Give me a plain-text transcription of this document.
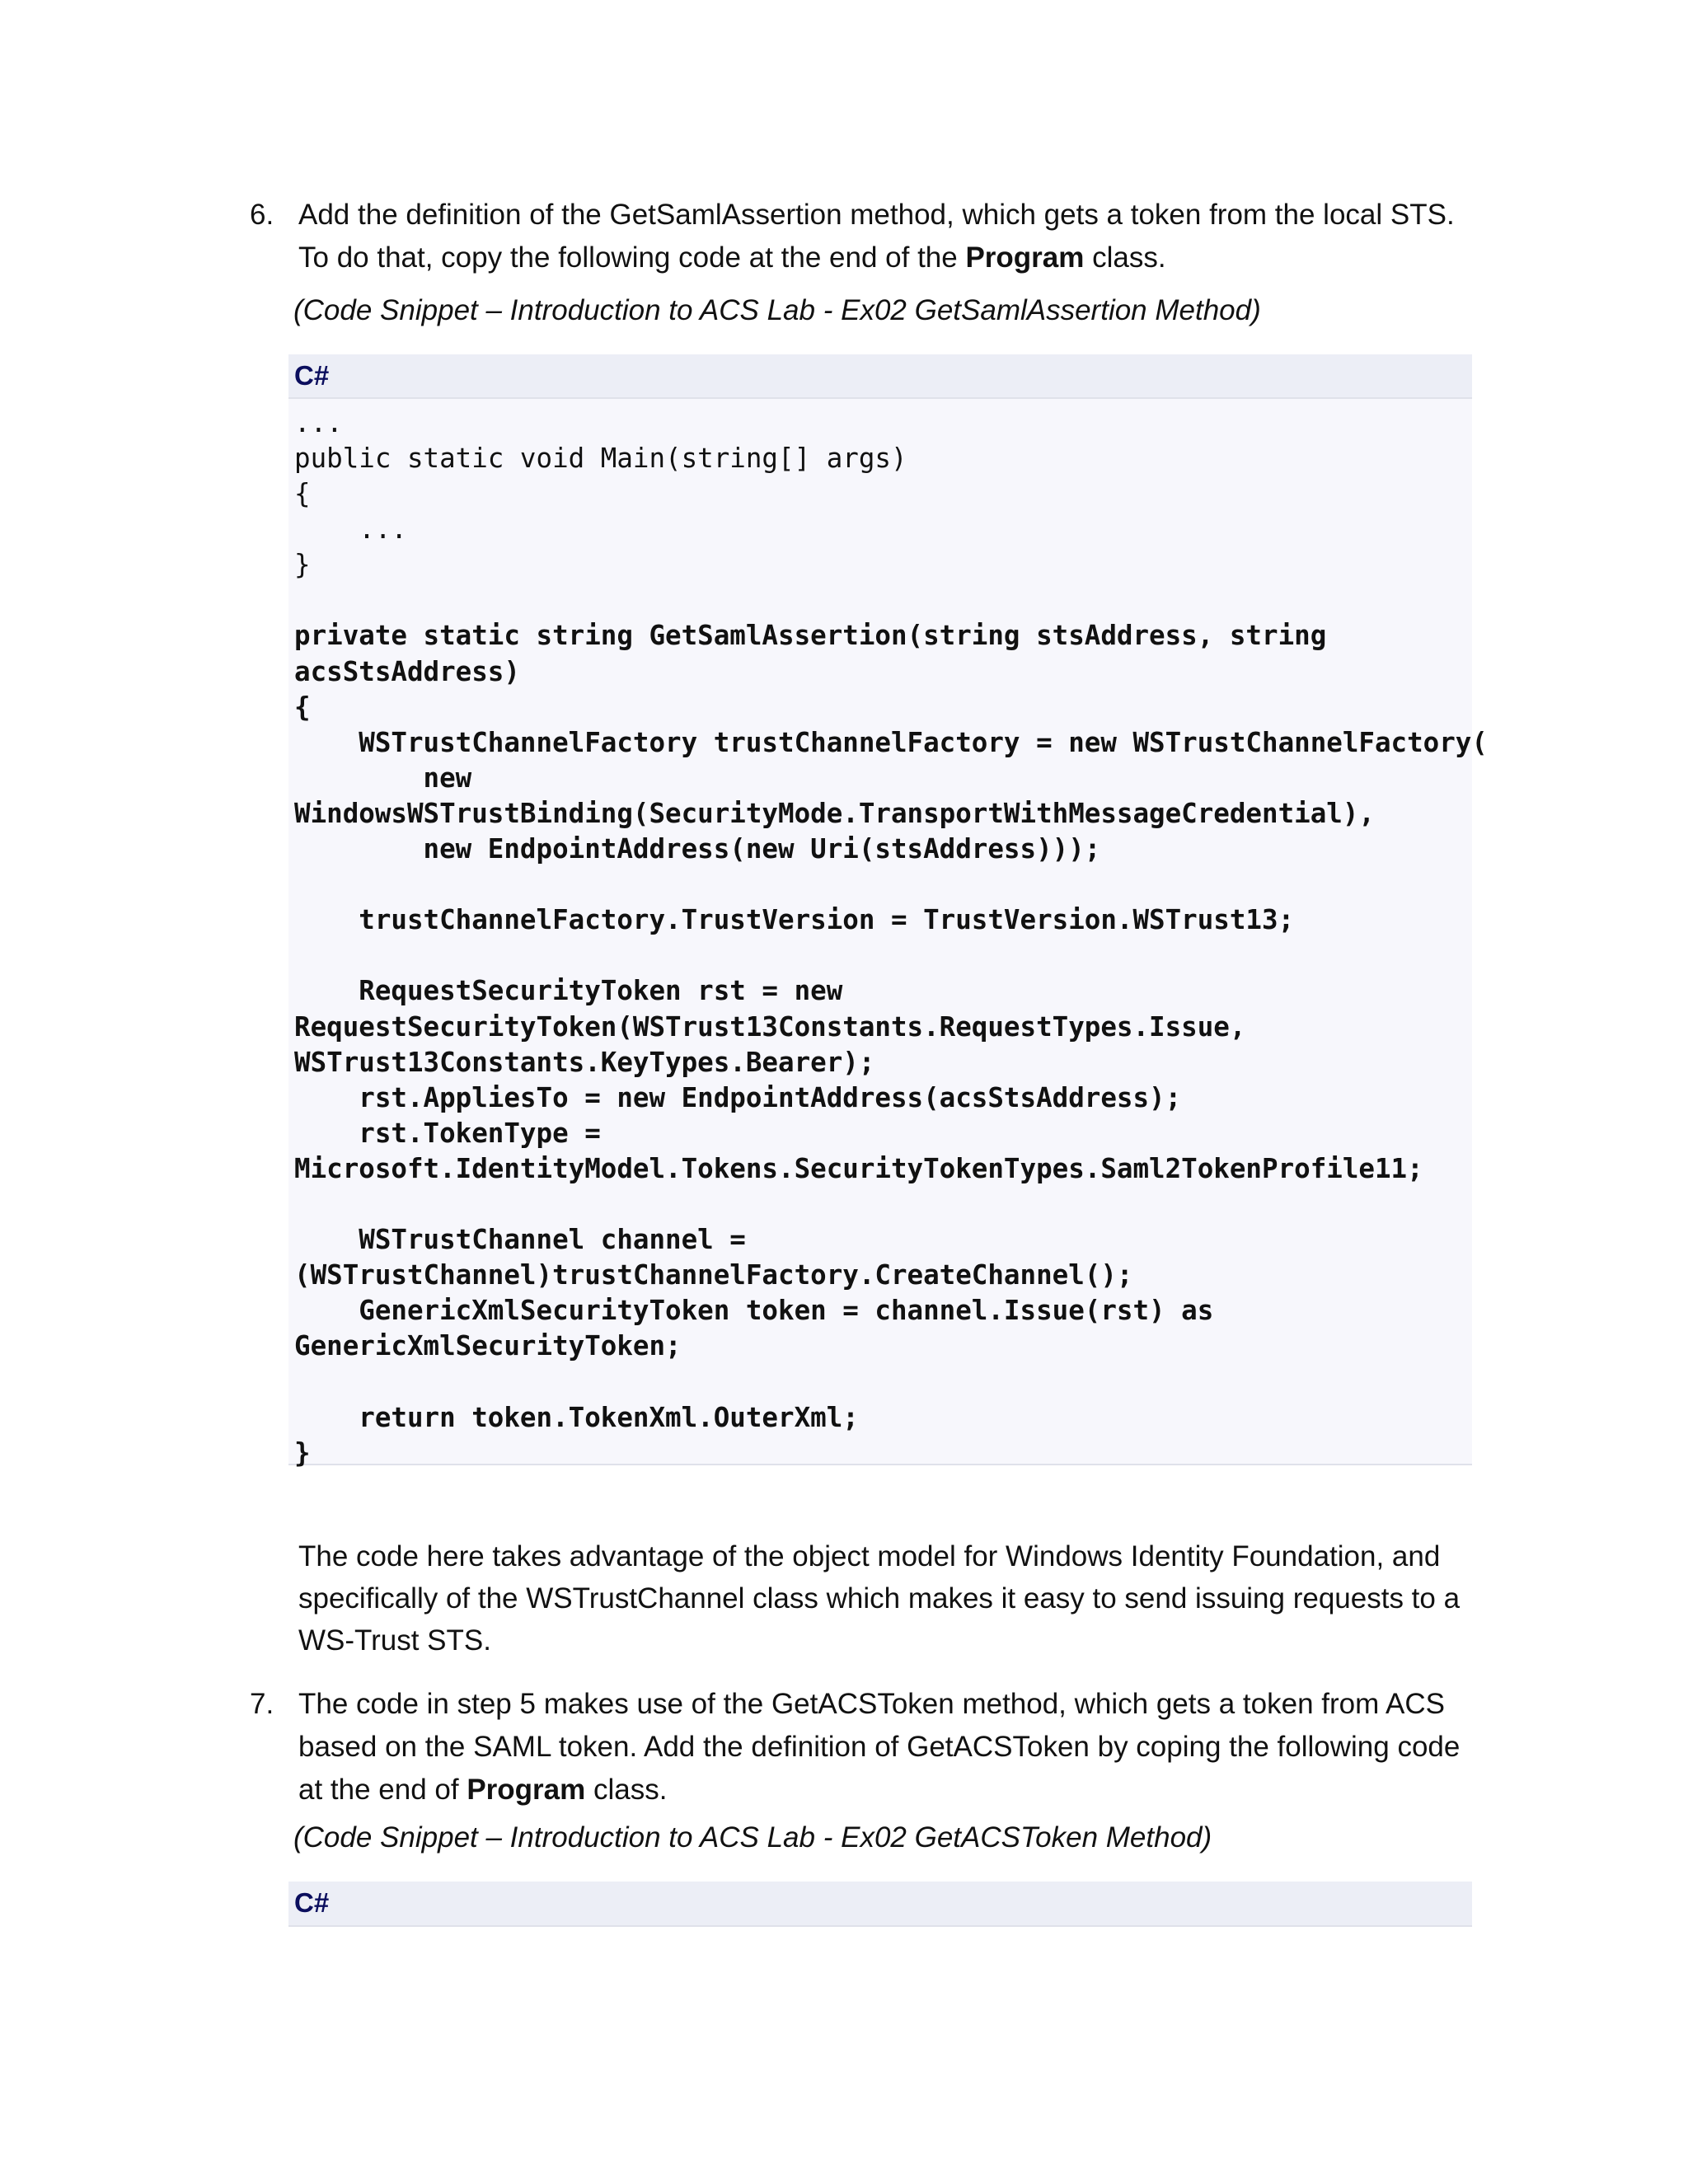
6. Add the definition of the GetSamlAssertion method, which gets a token from the local STS. To do that, copy the following code at the end of the Program class.
(Code Snippet – Introduction to ACS Lab - Ex02 GetSamlAssertion Method)
C#
...
public static void Main(string[] args)
{
...
}
private static string GetSamlAssertion(string stsAddress, string
acsStsAddress)
{
WSTrustChannelFactory trustChannelFactory = new WSTrustChannelFactory(
new
WindowsWSTrustBinding(SecurityMode.TransportWithMessageCredential),
new EndpointAddress(new Uri(stsAddress)));

trustChannelFactory.TrustVersion = TrustVersion.WSTrust13;

RequestSecurityToken rst = new
RequestSecurityToken(WSTrust13Constants.RequestTypes.Issue,
WSTrust13Constants.KeyTypes.Bearer);
rst.AppliesTo = new EndpointAddress(acsStsAddress);
rst.TokenType =
Microsoft.IdentityModel.Tokens.SecurityTokenTypes.Saml2TokenProfile11;

WSTrustChannel channel =
(WSTrustChannel)trustChannelFactory.CreateChannel();
GenericXmlSecurityToken token = channel.Issue(rst) as
GenericXmlSecurityToken;

return token.TokenXml.OuterXml;
}
The code here takes advantage of the object model for Windows Identity Foundation, and specifically of the WSTrustChannel class which makes it easy to send issuing requests to a WS-Trust STS.
7. The code in step 5 makes use of the GetACSToken method, which gets a token from ACS based on the SAML token. Add the definition of GetACSToken by coping the following code at the end of Program class.
(Code Snippet – Introduction to ACS Lab - Ex02 GetACSToken Method)
C#
